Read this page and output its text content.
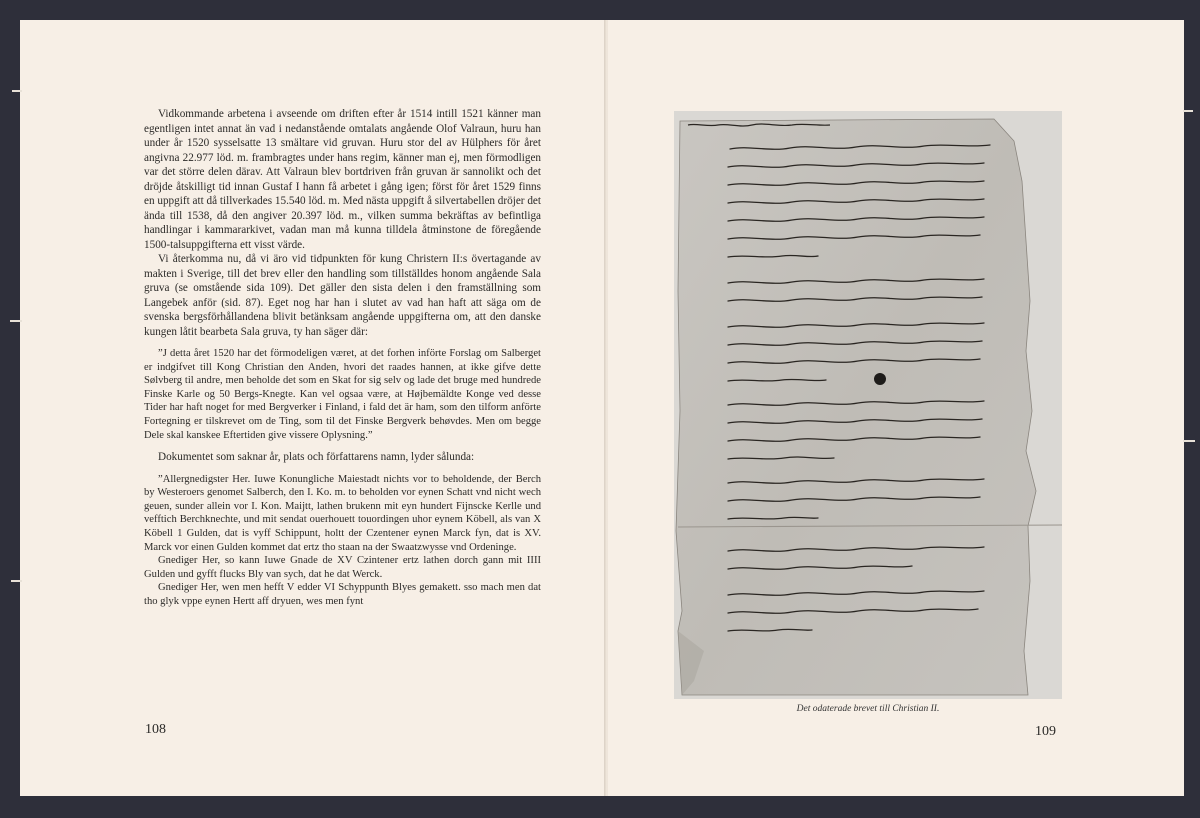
Vidkommande arbetena i avseende om driften efter år 1514 intill 1521 känner man egentligen intet annat än vad i nedanstående omtalats angående Olof Valraun, huru han under år 1520 sysselsatte 13 smältare vid gruvan. Huru stor del av Hülphers för året angivna 22.977 löd. m. frambragtes under hans regim, känner man ej, men förmodligen var det större delen därav. Att Valraun blev bortdriven från gruvan är sannolikt och det dröjde åtskilligt tid innan Gustaf I hann få arbetet i gång igen; först för året 1529 finns en uppgift att då tillverkades 15.540 löd. m. Med nästa uppgift å silvertabellen dröjer det ända till 1538, då den angiver 20.397 löd. m., vilken summa bekräftas av befintliga handlingar i kammararkivet, vadan man må kunna tilldela åtminstone de föregående 1500-talsuppgifterna ett visst värde.

Vi återkomma nu, då vi äro vid tidpunkten för kung Christern II:s övertagande av makten i Sverige, till det brev eller den handling som tillställdes honom angående Sala gruva (se omstående sida 109). Det gäller den sista delen i den framställning som Langebek anför (sid. 87). Eget nog har han i slutet av vad han haft att säga om de svenska bergsförhållandena blivit betänksam angående uppgifterna om, att den danske kungen låtit bearbeta Sala gruva, ty han säger där:

”J detta året 1520 har det förmodeligen været, at det forhen införte Forslag om Salberget er indgifvet till Kong Christian den Anden, hvori det raades hannen, at ikke gifve dette Sølvberg til andre, men beholde det som en Skat for sig selv og lade det bruge med hundrede Finske Karle og 50 Bergs-Knegte. Kan vel ogsaa være, at Højbemäldte Konge ved desse Tider har haft noget for med Bergverker i Finland, i fald det är ham, som den tilform anförte Fortegning er tilskrevet om de Ting, som til det Finske Bergverk behøvdes. Men om begge Dele skal kanskee Eftertiden give vissere Oplysning.”

Dokumentet som saknar år, plats och författarens namn, lyder sålunda:

”Allergnedigster Her. Iuwe Konungliche Maiestadt nichts vor to beholdende, der Berch by Westeroers genomet Salberch, den I. Ko. m. to beholden vor eynen Schatt vnd nicht wech geuen, sunder allein vor I. Kon. Maijtt, lathen brukenn mit eyn hundert Fijnscke Kerlle und vefftich Berchknechte, und mit sendat ouerhouett touordingen uhor eynem Köbell, als van X Köbell 1 Gulden, dat is vyff Schippunt, holtt der Czentener eynen Marck fyn, dat is XV. Marck vor einen Gulden kommet dat ertz tho staan na der Swaatzwysse vnd Ordeninge.

Gnediger Her, so kann Iuwe Gnade de XV Czintener ertz lathen dorch gann mit IIII Gulden und gyfft flucks Bly van sych, dat he dat Werck.

Gnediger Her, wen men hefft V edder VI Schyppunth Blyes gemakett. sso mach men dat tho glyk vppe eynen Hertt aff dryuen, wes men fynt

108
Det odaterade brevet till Christian II.
109
